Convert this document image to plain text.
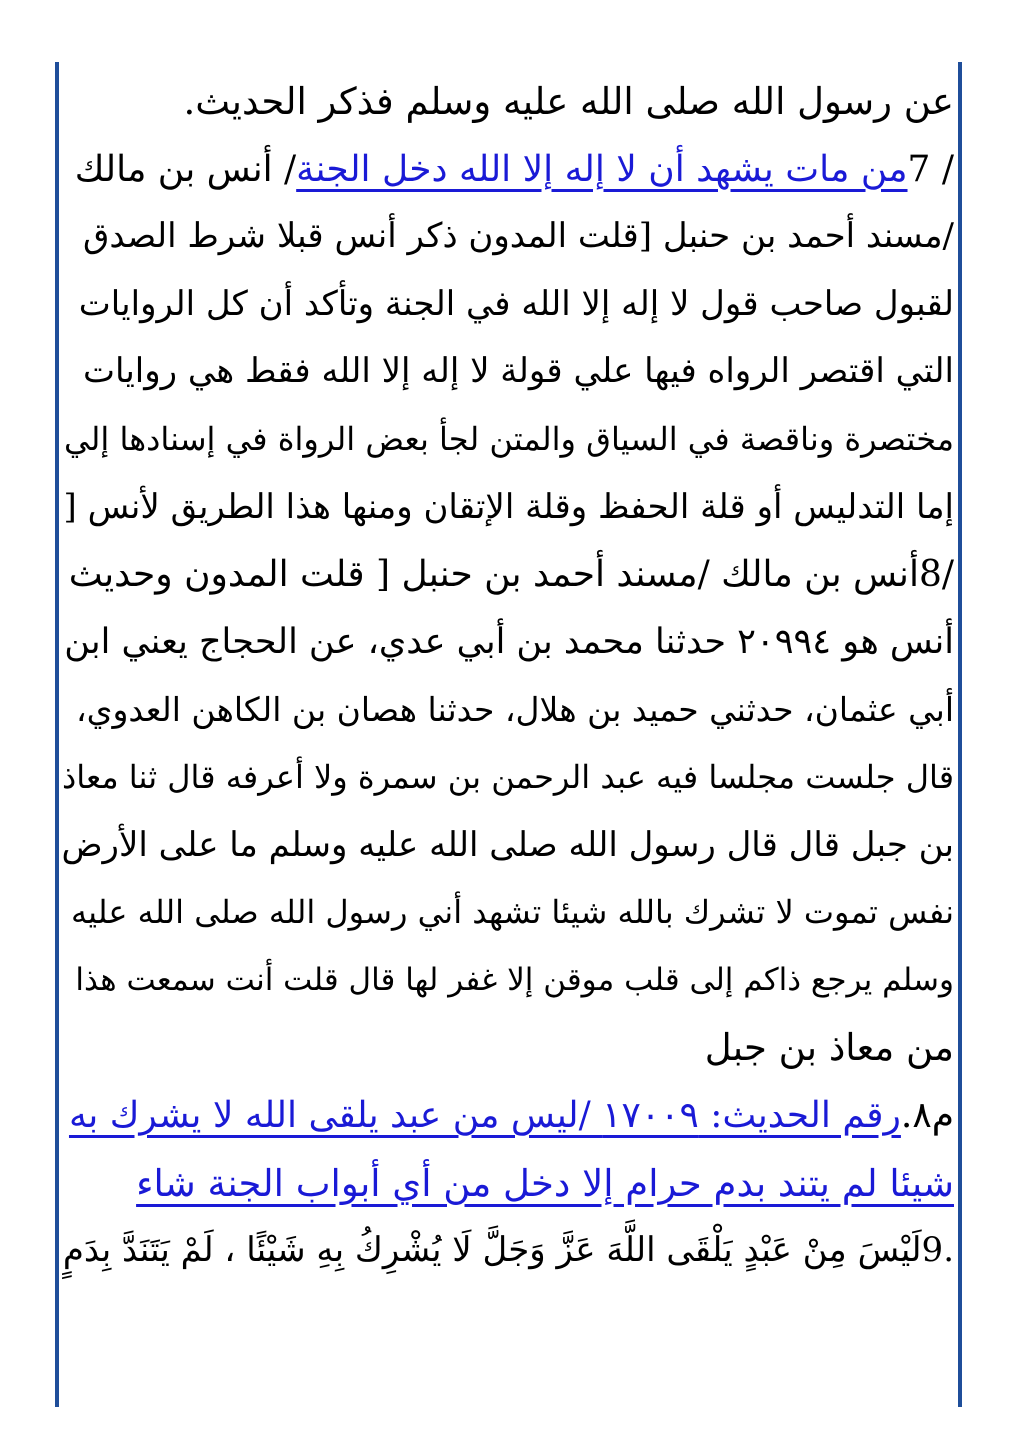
عن رسول الله صلى الله عليه وسلم فذكر الحديث.
/ 7من مات يشهد أن لا إله إلا الله دخل الجنة/ أنس بن مالك
/مسند أحمد بن حنبل [قلت المدون ذكر أنس قبلا شرط الصدق
لقبول صاحب قول لا إله إلا الله في الجنة وتأكد أن كل الروايات
التي اقتصر الرواه فيها علي قولة لا إله إلا الله فقط هي روايات
مختصرة وناقصة في السياق والمتن لجأ بعض الرواة في إسنادها إلي
إما التدليس أو قلة الحفظ وقلة الإتقان ومنها هذا الطريق لأنس [
/8أنس بن مالك /مسند أحمد بن حنبل [ قلت المدون وحديث
أنس هو ٢٠٩٩٤ حدثنا محمد بن أبي عدي، عن الحجاج يعني ابن
أبي عثمان، حدثني حميد بن هلال، حدثنا هصان بن الكاهن العدوي،
قال جلست مجلسا فيه عبد الرحمن بن سمرة ولا أعرفه قال ثنا معاذ
بن جبل قال قال رسول الله صلى الله عليه وسلم ما على الأرض
نفس تموت لا تشرك بالله شيئا تشهد أني رسول الله صلى الله عليه
وسلم يرجع ذاكم إلى قلب موقن إلا غفر لها قال قلت أنت سمعت هذا
من معاذ بن جبل
م٨.رقم الحديث: ١٧٠٠٩ /ليس من عبد يلقى الله لا يشرك به
شيئا لم يتند بدم حرام إلا دخل من أي أبواب الجنة شاء
.9لَيْسَ مِنْ عَبْدٍ يَلْقَى اللَّهَ عَزَّ وَجَلَّ لَا يُشْرِكُ بِهِ شَيْئًا ، لَمْ يَتَنَدَّ بِدَمٍ
